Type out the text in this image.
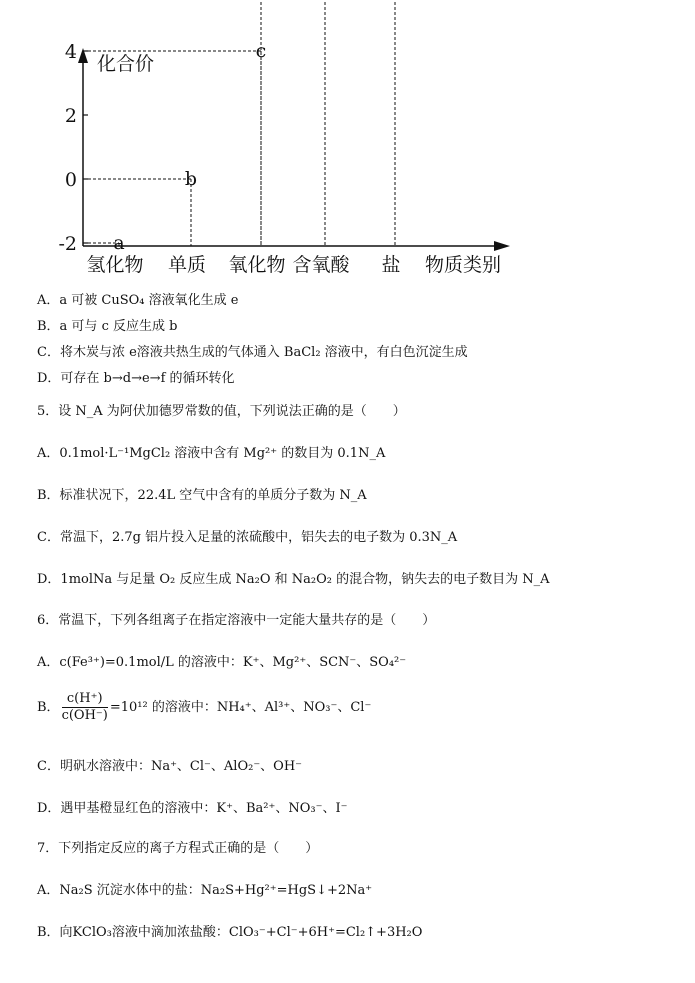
4
2
0
-2
氢化物 单质 氧化物 含氧酸 盐
a
b
c
化合价
物质类别
A．a 可被 CuSO₄ 溶液氧化生成 e
B．a 可与 c 反应生成 b
C．将木炭与浓 e溶液共热生成的气体通入 BaCl₂ 溶液中，有白色沉淀生成
D．可存在 b→d→e→f 的循环转化
5．设 N_A 为阿伏加德罗常数的值，下列说法正确的是（　　）
A．0.1mol·L⁻¹MgCl₂ 溶液中含有 Mg²⁺ 的数目为 0.1N_A
B．标准状况下，22.4L 空气中含有的单质分子数为 N_A
C．常温下，2.7g 铝片投入足量的浓硫酸中，铝失去的电子数为 0.3N_A
D．1molNa 与足量 O₂ 反应生成 Na₂O 和 Na₂O₂ 的混合物，钠失去的电子数目为 N_A
6．常温下，下列各组离子在指定溶液中一定能大量共存的是（　　）
A．c(Fe³⁺)=0.1mol/L 的溶液中：K⁺、Mg²⁺、SCN⁻、SO₄²⁻
B． $\frac{c(H^+)}{c(OH^-)} =10^{12}$ 的溶液中：NH₄⁺、Al³⁺、NO₃⁻、Cl⁻
C．明矾水溶液中：Na⁺、Cl⁻、AlO₂⁻、OH⁻
D．遇甲基橙显红色的溶液中：K⁺、Ba²⁺、NO₃⁻、I⁻
7．下列指定反应的离子方程式正确的是（　　）
A．Na₂S 沉淀水体中的盐：Na₂S+Hg²⁺=HgS↓+2Na⁺
B．向KClO₃溶液中滴加浓盐酸：ClO₃⁻+Cl⁻+6H⁺=Cl₂↑+3H₂O
